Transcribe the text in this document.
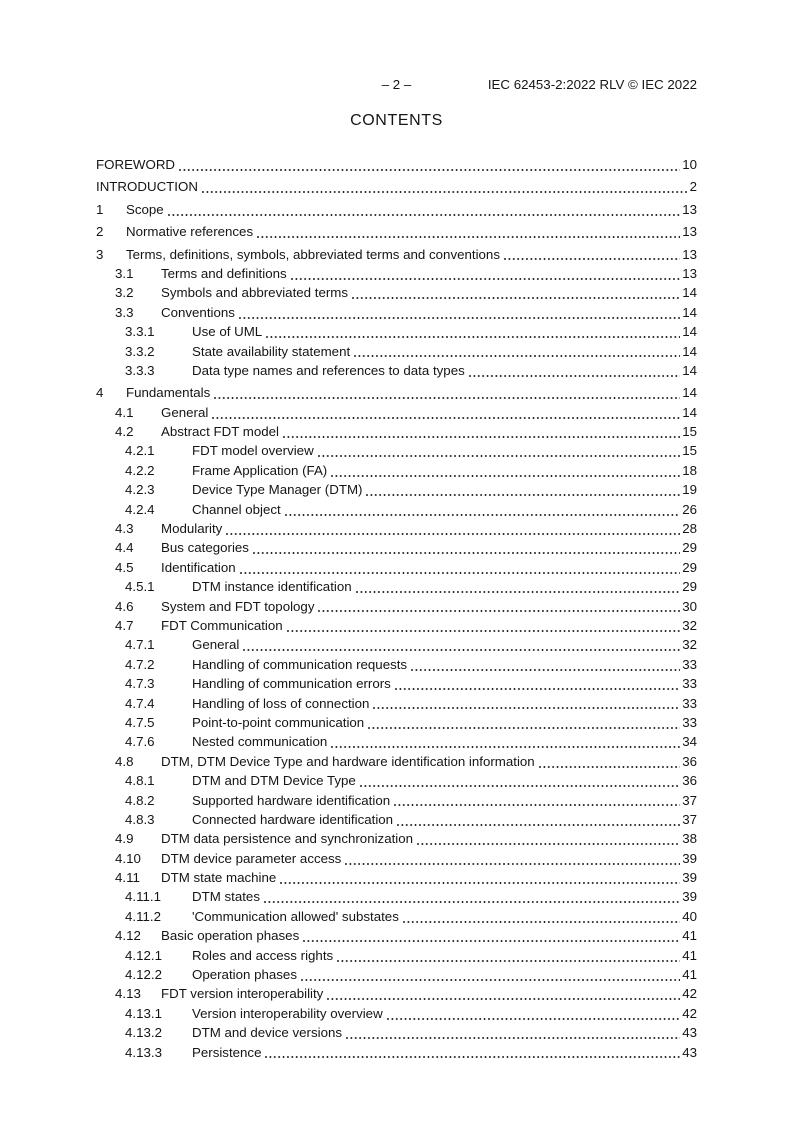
– 2 –	IEC 62453-2:2022 RLV © IEC 2022
CONTENTS
FOREWORD	10
INTRODUCTION	2
1	Scope	13
2	Normative references	13
3	Terms, definitions, symbols, abbreviated terms and conventions	13
3.1	Terms and definitions	13
3.2	Symbols and abbreviated terms	14
3.3	Conventions	14
3.3.1	Use of UML	14
3.3.2	State availability statement	14
3.3.3	Data type names and references to data types	14
4	Fundamentals	14
4.1	General	14
4.2	Abstract FDT model	15
4.2.1	FDT model overview	15
4.2.2	Frame Application (FA)	18
4.2.3	Device Type Manager (DTM)	19
4.2.4	Channel object	26
4.3	Modularity	28
4.4	Bus categories	29
4.5	Identification	29
4.5.1	DTM instance identification	29
4.6	System and FDT topology	30
4.7	FDT Communication	32
4.7.1	General	32
4.7.2	Handling of communication requests	33
4.7.3	Handling of communication errors	33
4.7.4	Handling of loss of connection	33
4.7.5	Point-to-point communication	33
4.7.6	Nested communication	34
4.8	DTM, DTM Device Type and hardware identification information	36
4.8.1	DTM and DTM Device Type	36
4.8.2	Supported hardware identification	37
4.8.3	Connected hardware identification	37
4.9	DTM data persistence and synchronization	38
4.10	DTM device parameter access	39
4.11	DTM state machine	39
4.11.1	DTM states	39
4.11.2	'Communication allowed' substates	40
4.12	Basic operation phases	41
4.12.1	Roles and access rights	41
4.12.2	Operation phases	41
4.13	FDT version interoperability	42
4.13.1	Version interoperability overview	42
4.13.2	DTM and device versions	43
4.13.3	Persistence	43
